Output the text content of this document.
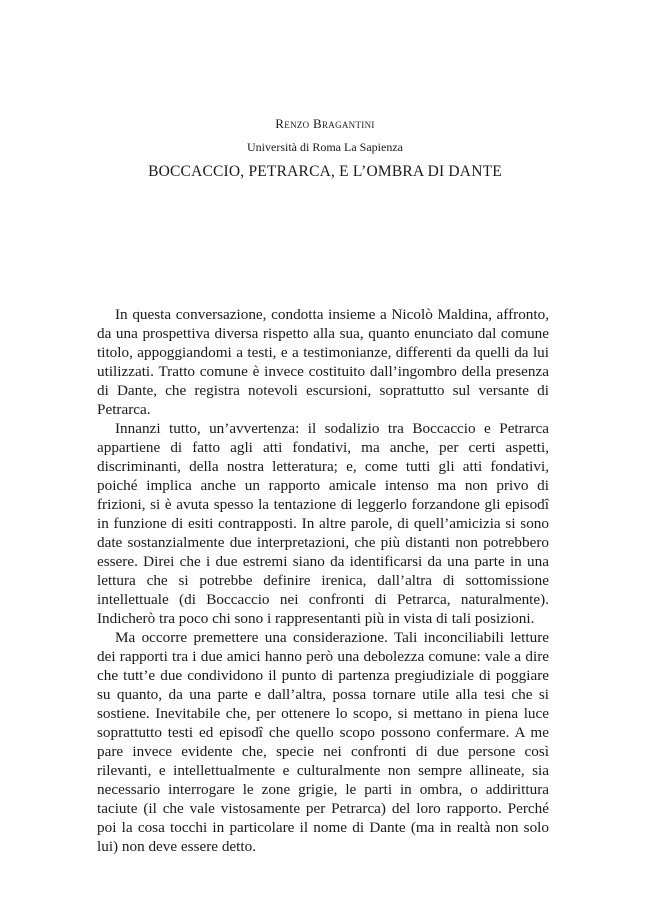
Renzo Bragantini
Università di Roma La Sapienza
BOCCACCIO, PETRARCA, E L’OMBRA DI DANTE

In questa conversazione, condotta insieme a Nicolò Maldina, affronto, da una prospettiva diversa rispetto alla sua, quanto enunciato dal comune titolo, appoggiandomi a testi, e a testimonianze, differenti da quelli da lui utilizzati. Tratto comune è invece costituito dall’ingombro della presenza di Dante, che registra notevoli escursioni, soprattutto sul versante di Petrarca.

Innanzi tutto, un’avvertenza: il sodalizio tra Boccaccio e Petrarca appartiene di fatto agli atti fondativi, ma anche, per certi aspetti, discriminanti, della nostra letteratura; e, come tutti gli atti fondativi, poiché implica anche un rapporto amicale intenso ma non privo di frizioni, si è avuta spesso la tentazione di leggerlo forzandone gli episodî in funzione di esiti contrapposti. In altre parole, di quell’amicizia si sono date sostanzialmente due interpretazioni, che più distanti non potrebbero essere. Direi che i due estremi siano da identificarsi da una parte in una lettura che si potrebbe definire irenica, dall’altra di sottomissione intellettuale (di Boccaccio nei confronti di Petrarca, naturalmente). Indicherò tra poco chi sono i rappresentanti più in vista di tali posizioni.

Ma occorre premettere una considerazione. Tali inconciliabili letture dei rapporti tra i due amici hanno però una debolezza comune: vale a dire che tutt’e due condividono il punto di partenza pregiudiziale di poggiare su quanto, da una parte e dall’altra, possa tornare utile alla tesi che si sostiene. Inevitabile che, per ottenere lo scopo, si mettano in piena luce soprattutto testi ed episodî che quello scopo possono confermare. A me pare invece evidente che, specie nei confronti di due persone così rilevanti, e intellettualmente e culturalmente non sempre allineate, sia necessario interrogare le zone grigie, le parti in ombra, o addirittura taciute (il che vale vistosamente per Petrarca) del loro rapporto. Perché poi la cosa tocchi in particolare il nome di Dante (ma in realtà non solo lui) non deve essere detto.
